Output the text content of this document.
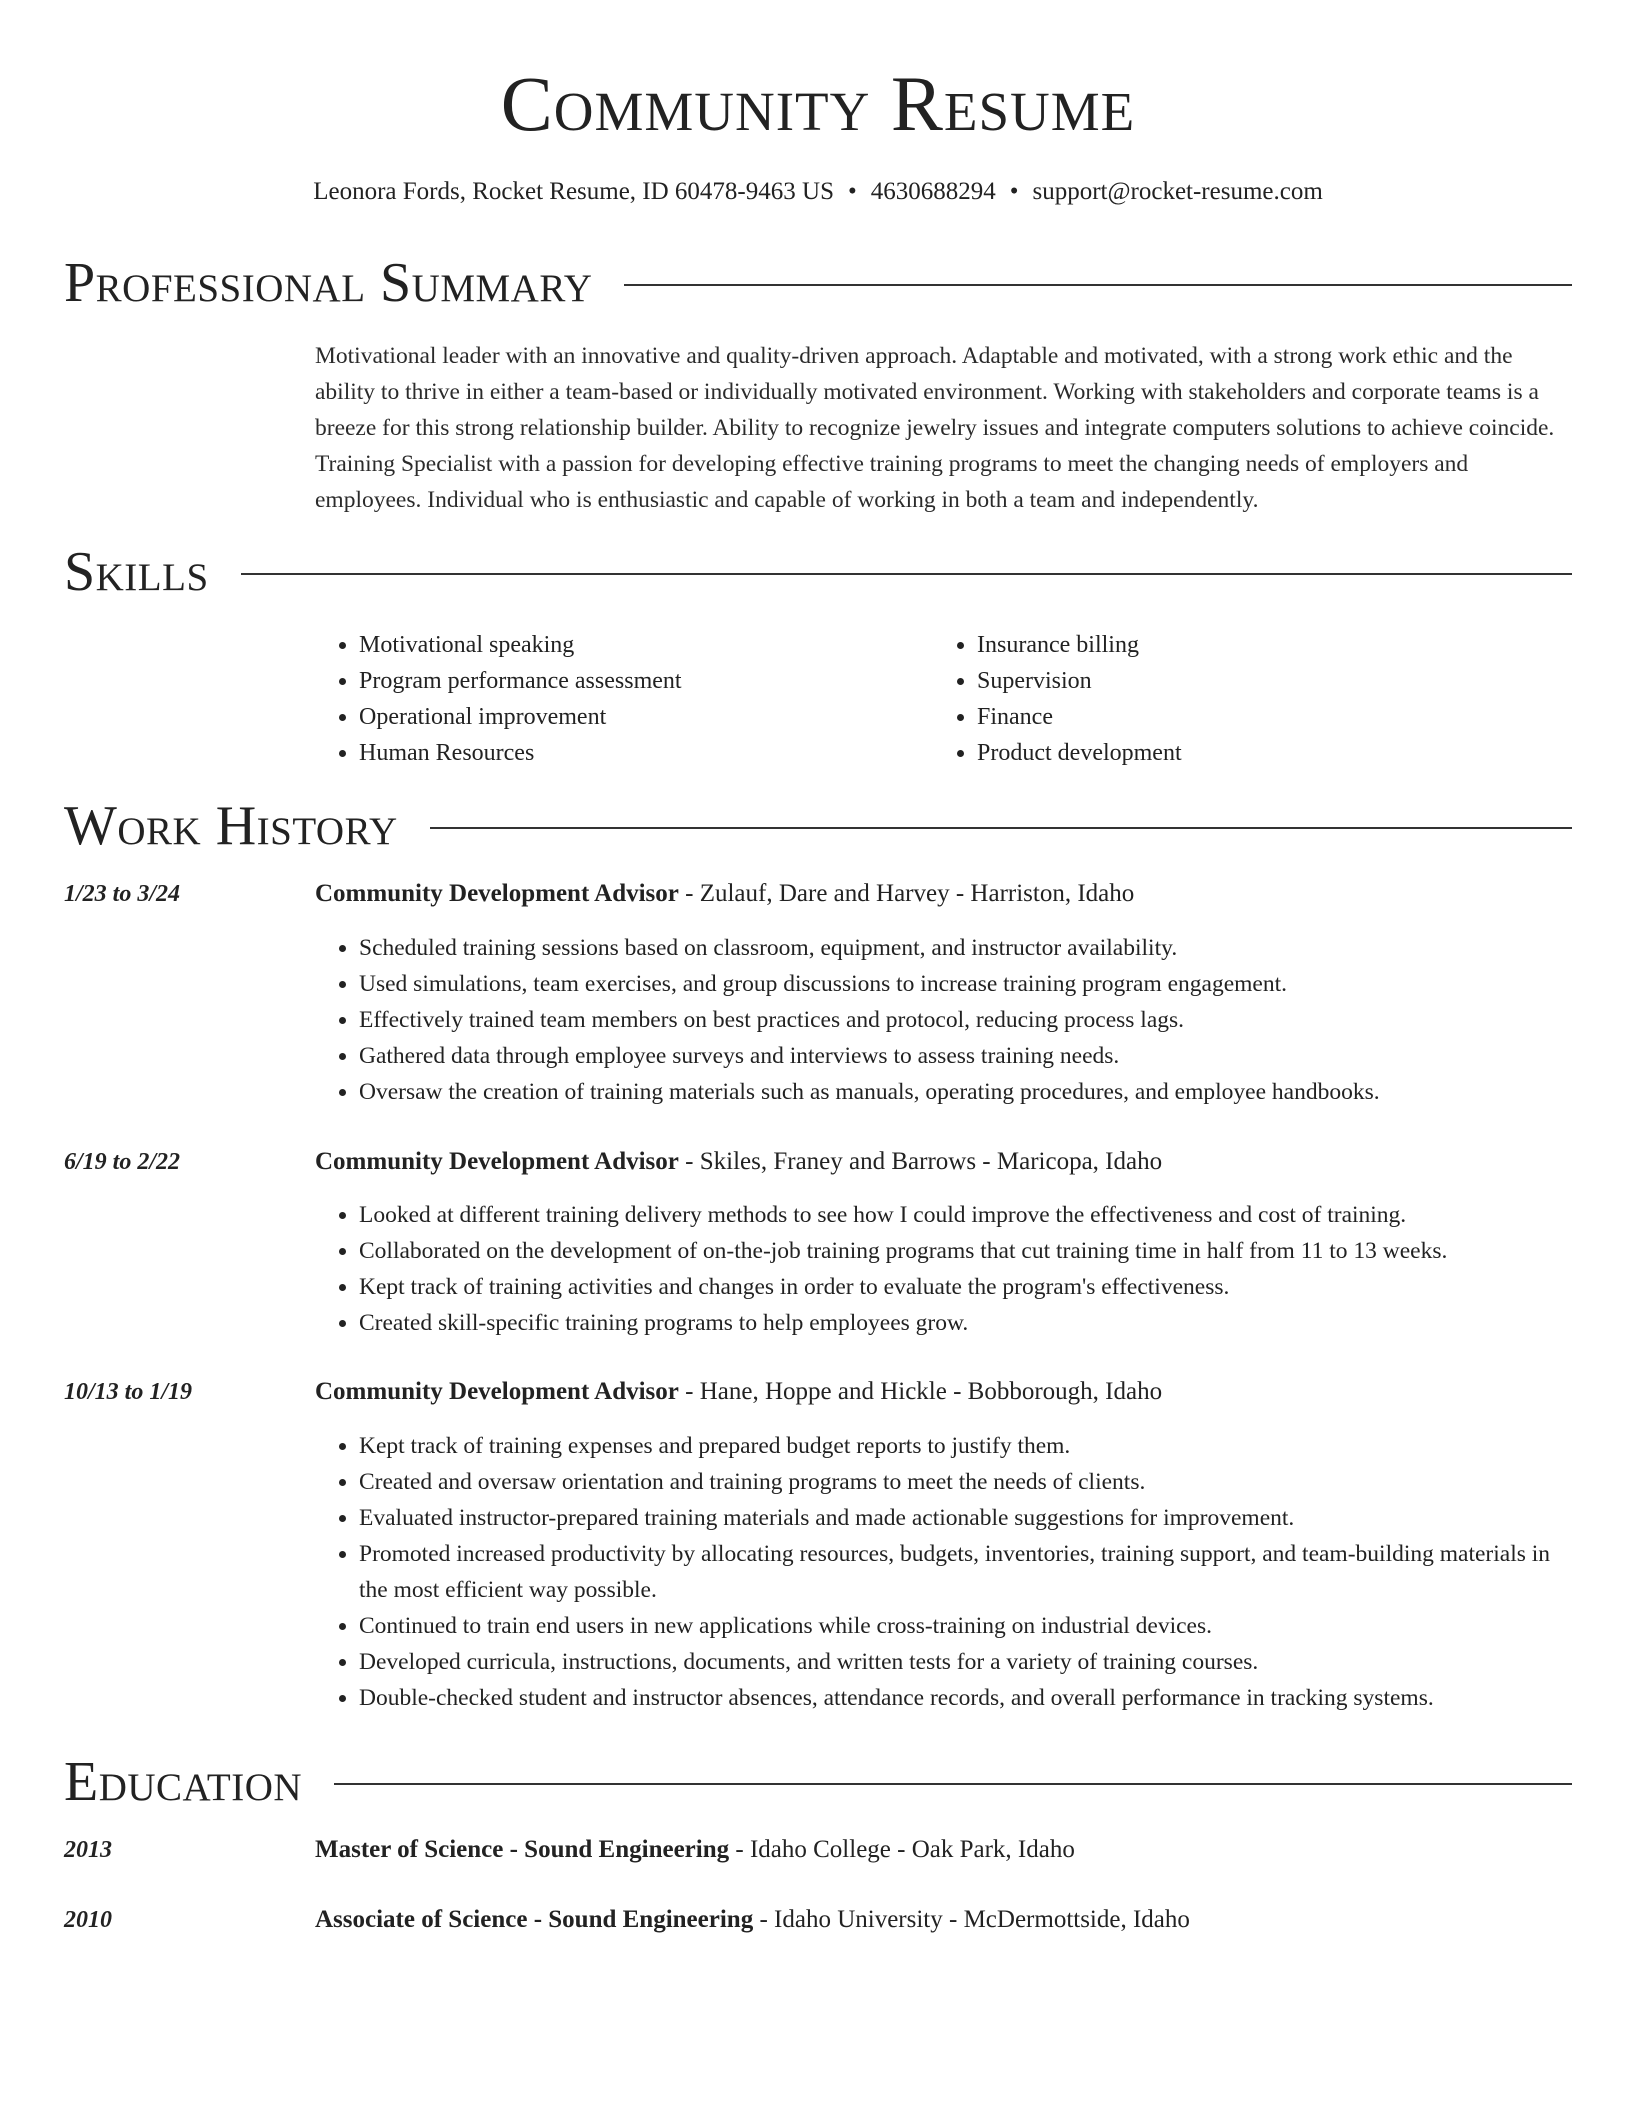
Community Resume
Leonora Fords, Rocket Resume, ID 60478-9463 US • 4630688294 • support@rocket-resume.com
Professional Summary
Motivational leader with an innovative and quality-driven approach. Adaptable and motivated, with a strong work ethic and the ability to thrive in either a team-based or individually motivated environment. Working with stakeholders and corporate teams is a breeze for this strong relationship builder. Ability to recognize jewelry issues and integrate computers solutions to achieve coincide. Training Specialist with a passion for developing effective training programs to meet the changing needs of employers and employees. Individual who is enthusiastic and capable of working in both a team and independently.
Skills
• Motivational speaking
• Program performance assessment
• Operational improvement
• Human Resources
• Insurance billing
• Supervision
• Finance
• Product development
Work History
1/23 to 3/24	Community Development Advisor - Zulauf, Dare and Harvey - Harriston, Idaho
• Scheduled training sessions based on classroom, equipment, and instructor availability.
• Used simulations, team exercises, and group discussions to increase training program engagement.
• Effectively trained team members on best practices and protocol, reducing process lags.
• Gathered data through employee surveys and interviews to assess training needs.
• Oversaw the creation of training materials such as manuals, operating procedures, and employee handbooks.
6/19 to 2/22	Community Development Advisor - Skiles, Franey and Barrows - Maricopa, Idaho
• Looked at different training delivery methods to see how I could improve the effectiveness and cost of training.
• Collaborated on the development of on-the-job training programs that cut training time in half from 11 to 13 weeks.
• Kept track of training activities and changes in order to evaluate the program's effectiveness.
• Created skill-specific training programs to help employees grow.
10/13 to 1/19	Community Development Advisor - Hane, Hoppe and Hickle - Bobborough, Idaho
• Kept track of training expenses and prepared budget reports to justify them.
• Created and oversaw orientation and training programs to meet the needs of clients.
• Evaluated instructor-prepared training materials and made actionable suggestions for improvement.
• Promoted increased productivity by allocating resources, budgets, inventories, training support, and team-building materials in the most efficient way possible.
• Continued to train end users in new applications while cross-training on industrial devices.
• Developed curricula, instructions, documents, and written tests for a variety of training courses.
• Double-checked student and instructor absences, attendance records, and overall performance in tracking systems.
Education
2013	Master of Science - Sound Engineering - Idaho College - Oak Park, Idaho
2010	Associate of Science - Sound Engineering - Idaho University - McDermottside, Idaho
